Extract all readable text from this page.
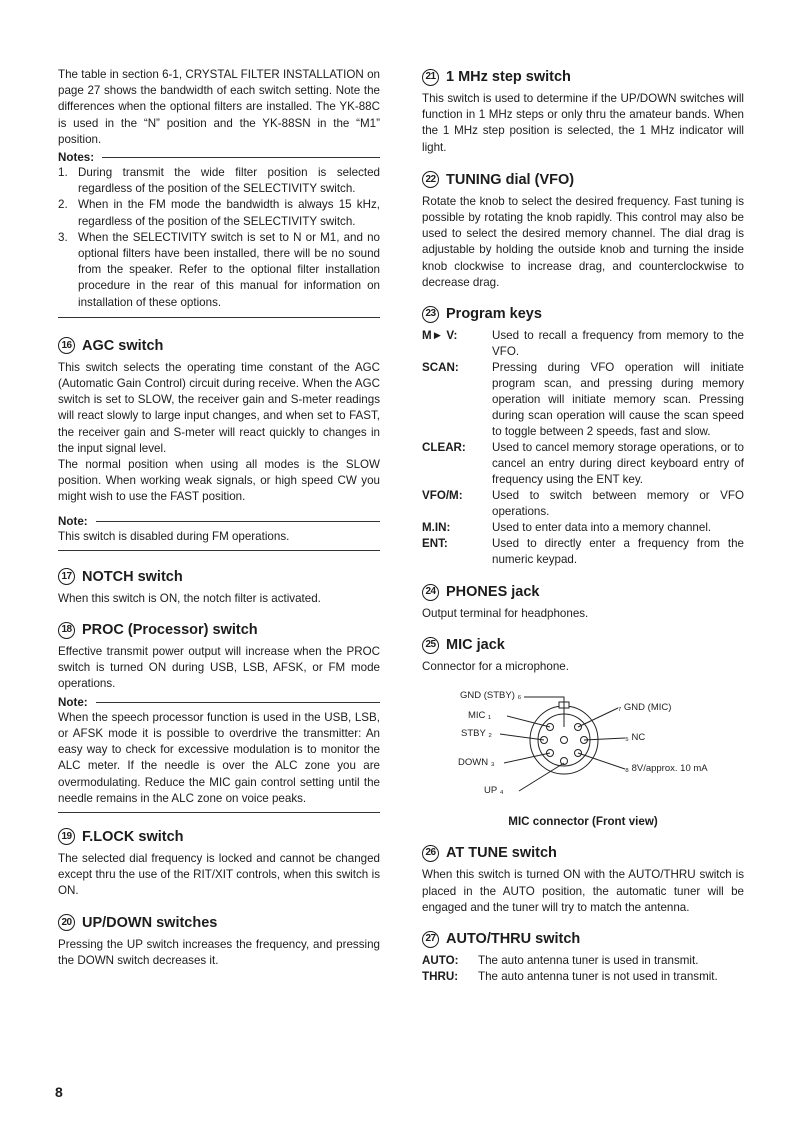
The table in section 6-1, CRYSTAL FILTER INSTALLATION on page 27 shows the bandwidth of each switch setting. Note the differences when the optional filters are installed. The YK-88C is used in the “N” position and the YK-88SN in the “M1” position.

Notes:
1. During transmit the wide filter position is selected regardless of the position of the SELECTIVITY switch.
2. When in the FM mode the bandwidth is always 15 kHz, regardless of the position of the SELECTIVITY switch.
3. When the SELECTIVITY switch is set to N or M1, and no optional filters have been installed, there will be no sound from the speaker. Refer to the optional filter installation procedure in the rear of this manual for information on installation of these options.
16 AGC switch

This switch selects the operating time constant of the AGC (Automatic Gain Control) circuit during receive. When the AGC switch is set to SLOW, the receiver gain and S-meter readings will react slowly to large input changes, and when set to FAST, the receiver gain and S-meter will react quickly to changes in the input signal level.

The normal position when using all modes is the SLOW position. When working weak signals, or high speed CW you might wish to use the FAST position.

Note:

This switch is disabled during FM operations.

17 NOTCH switch

When this switch is ON, the notch filter is activated.

18 PROC (Processor) switch

Effective transmit power output will increase when the PROC switch is turned ON during USB, LSB, AFSK, or FM mode operations.

Note:

When the speech processor function is used in the USB, LSB, or AFSK mode it is possible to overdrive the transmitter: An easy way to check for excessive modulation is to monitor the ALC meter. If the needle is over the ALC zone you are overmodulating. Reduce the MIC gain control setting until the needle remains in the ALC zone on voice peaks.

19 F.LOCK switch

The selected dial frequency is locked and cannot be changed except thru the use of the RIT/XIT controls, when this switch is ON.

20 UP/DOWN switches

Pressing the UP switch increases the frequency, and pressing the DOWN switch decreases it.

21 1 MHz step switch

This switch is used to determine if the UP/DOWN switches will function in 1 MHz steps or only thru the amateur bands. When the 1 MHz step position is selected, the 1 MHz indicator will light.

22 TUNING dial (VFO)

Rotate the knob to select the desired frequency. Fast tuning is possible by rotating the knob rapidly. This control may also be used to select the desired memory channel. The dial drag is adjustable by holding the outside knob and turning the inside knob clockwise to increase drag, and counterclockwise to decrease drag.

23 Program keys
M► V:	Used to recall a frequency from memory to the VFO.
SCAN:	Pressing during VFO operation will initiate program scan, and pressing during memory operation will initiate memory scan. Pressing during scan operation will cause the scan speed to toggle between 2 speeds, fast and slow.
CLEAR:	Used to cancel memory storage operations, or to cancel an entry during direct keyboard entry of frequency using the ENT key.
VFO/M:	Used to switch between memory or VFO operations.
M.IN:	Used to enter data into a memory channel.
ENT:	Used to directly enter a frequency from the numeric keypad.
24 PHONES jack

Output terminal for headphones.

25 MIC jack

Connector for a microphone.

GND (STBY) ₆
MIC ₁
STBY ₂
DOWN ₃
UP ₄
₇ GND (MIC)
₅ NC
₈ 8V/approx. 10 mA
MIC connector (Front view)
26 AT TUNE switch

When this switch is turned ON with the AUTO/THRU switch is placed in the AUTO position, the automatic tuner will be engaged and the tuner will try to match the antenna.

27 AUTO/THRU switch
AUTO:	The auto antenna tuner is used in transmit.
THRU:	The auto antenna tuner is not used in transmit.
8
